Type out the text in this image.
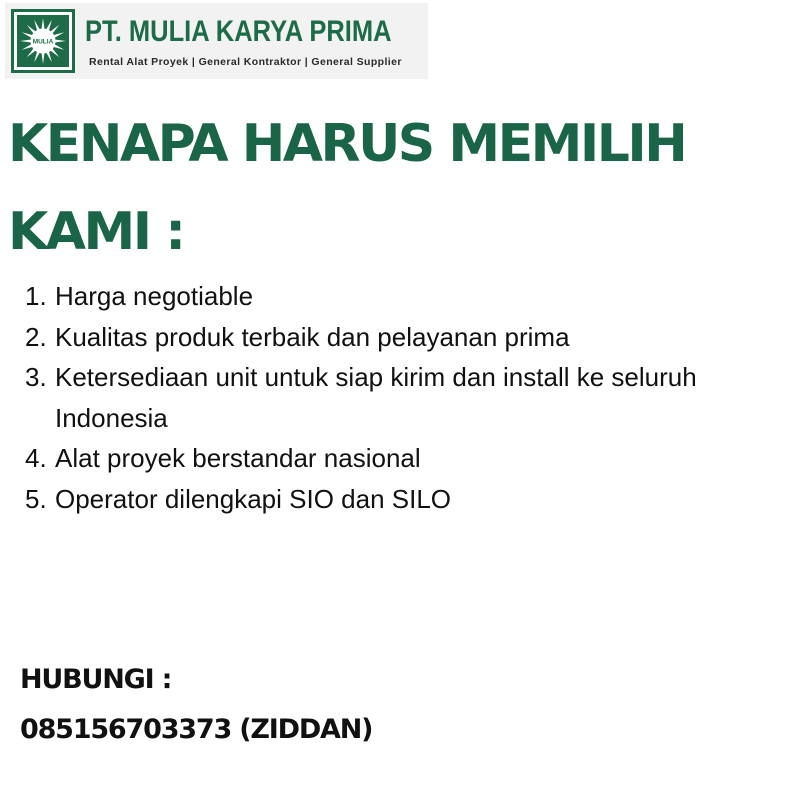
MULIA PT. MULIA KARYA PRIMA
Rental Alat Proyek | General Kontraktor | General Supplier
KENAPA HARUS MEMILIH
KAMI :
1. Harga negotiable
2. Kualitas produk terbaik dan pelayanan prima
3. Ketersediaan unit untuk siap kirim dan install ke seluruh Indonesia
4. Alat proyek berstandar nasional
5. Operator dilengkapi SIO dan SILO
HUBUNGI :
085156703373 (ZIDDAN)
